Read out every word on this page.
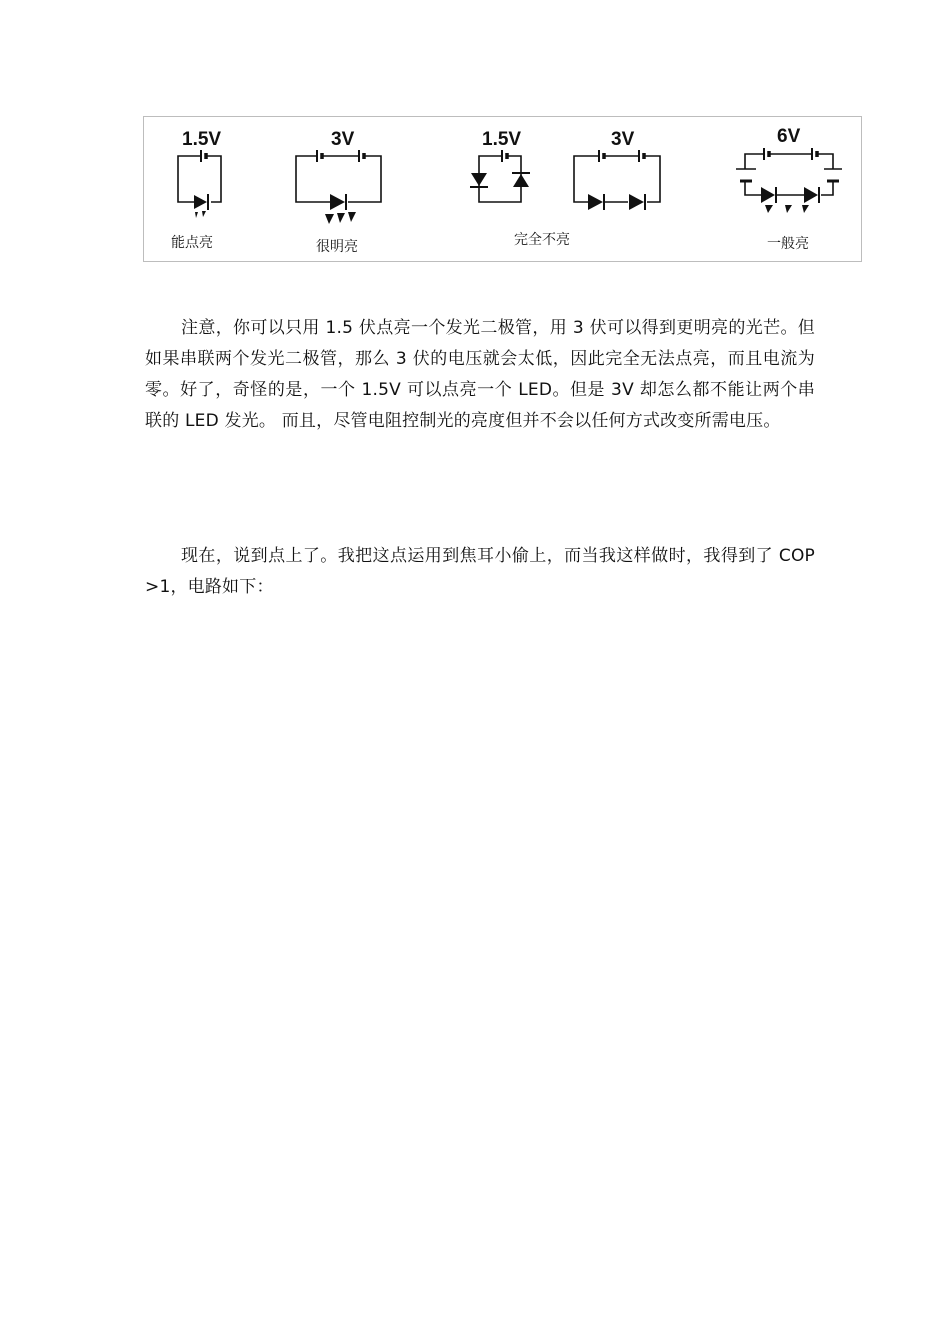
1.5V
能点亮
3V
很明亮
1.5V	3V
完全不亮
6V
一般亮

注意，你可以只用 1.5 伏点亮一个发光二极管，用 3 伏可以得到更明亮的光芒。但如果串联两个发光二极管，那么 3 伏的电压就会太低，因此完全无法点亮，而且电流为零。好了，奇怪的是，一个 1.5V 可以点亮一个 LED。但是 3V 却怎么都不能让两个串联的 LED 发光。 而且，尽管电阻控制光的亮度但并不会以任何方式改变所需电压。

现在，说到点上了。我把这点运用到焦耳小偷上，而当我这样做时，我得到了 COP>1，电路如下：
